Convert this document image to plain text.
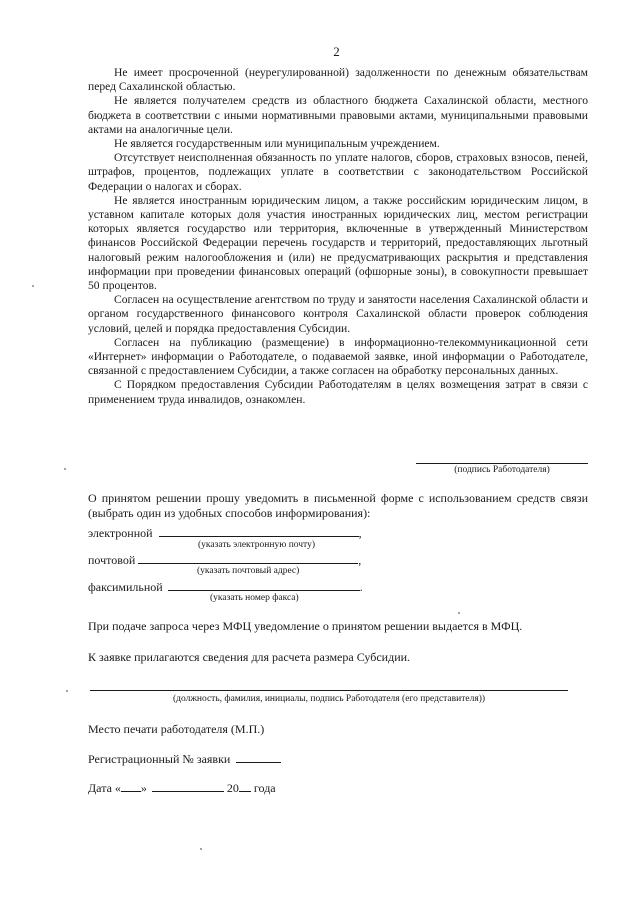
2

Не имеет просроченной (неурегулированной) задолженности по денежным обязательствам перед Сахалинской областью.

Не является получателем средств из областного бюджета Сахалинской области, местного бюджета в соответствии с иными нормативными правовыми актами, муниципальными правовыми актами на аналогичные цели.

Не является государственным или муниципальным учреждением.

Отсутствует неисполненная обязанность по уплате налогов, сборов, страховых взносов, пеней, штрафов, процентов, подлежащих уплате в соответствии с законодательством Российской Федерации о налогах и сборах.

Не является иностранным юридическим лицом, а также российским юридическим лицом, в уставном капитале которых доля участия иностранных юридических лиц, местом регистрации которых является государство или территория, включенные в утвержденный Министерством финансов Российской Федерации перечень государств и территорий, предоставляющих льготный налоговый режим налогообложения и (или) не предусматривающих раскрытия и представления информации при проведении финансовых операций (офшорные зоны), в совокупности превышает 50 процентов.

Согласен на осуществление агентством по труду и занятости населения Сахалинской области и органом государственного финансового контроля Сахалинской области проверок соблюдения условий, целей и порядка предоставления Субсидии.

Согласен на публикацию (размещение) в информационно-телекоммуникационной сети «Интернет» информации о Работодателе, о подаваемой заявке, иной информации о Работодателе, связанной с предоставлением Субсидии, а также согласен на обработку персональных данных.

С Порядком предоставления Субсидии Работодателям в целях возмещения затрат в связи с применением труда инвалидов, ознакомлен.

(подпись Работодателя)
О принятом решении прошу уведомить в письменной форме с использованием средств связи (выбрать один из удобных способов информирования):
электронной	,
(указать электронную почту)
почтовой	,
(указать почтовый адрес)
факсимильной	.
(указать номер факса)
При подаче запроса через МФЦ уведомление о принятом решении выдается в МФЦ.
К заявке прилагаются сведения для расчета размера Субсидии.
(должность, фамилия, инициалы, подпись Работодателя (его представителя))
Место печати работодателя (М.П.)
Регистрационный № заявки
Дата « »	20 года
